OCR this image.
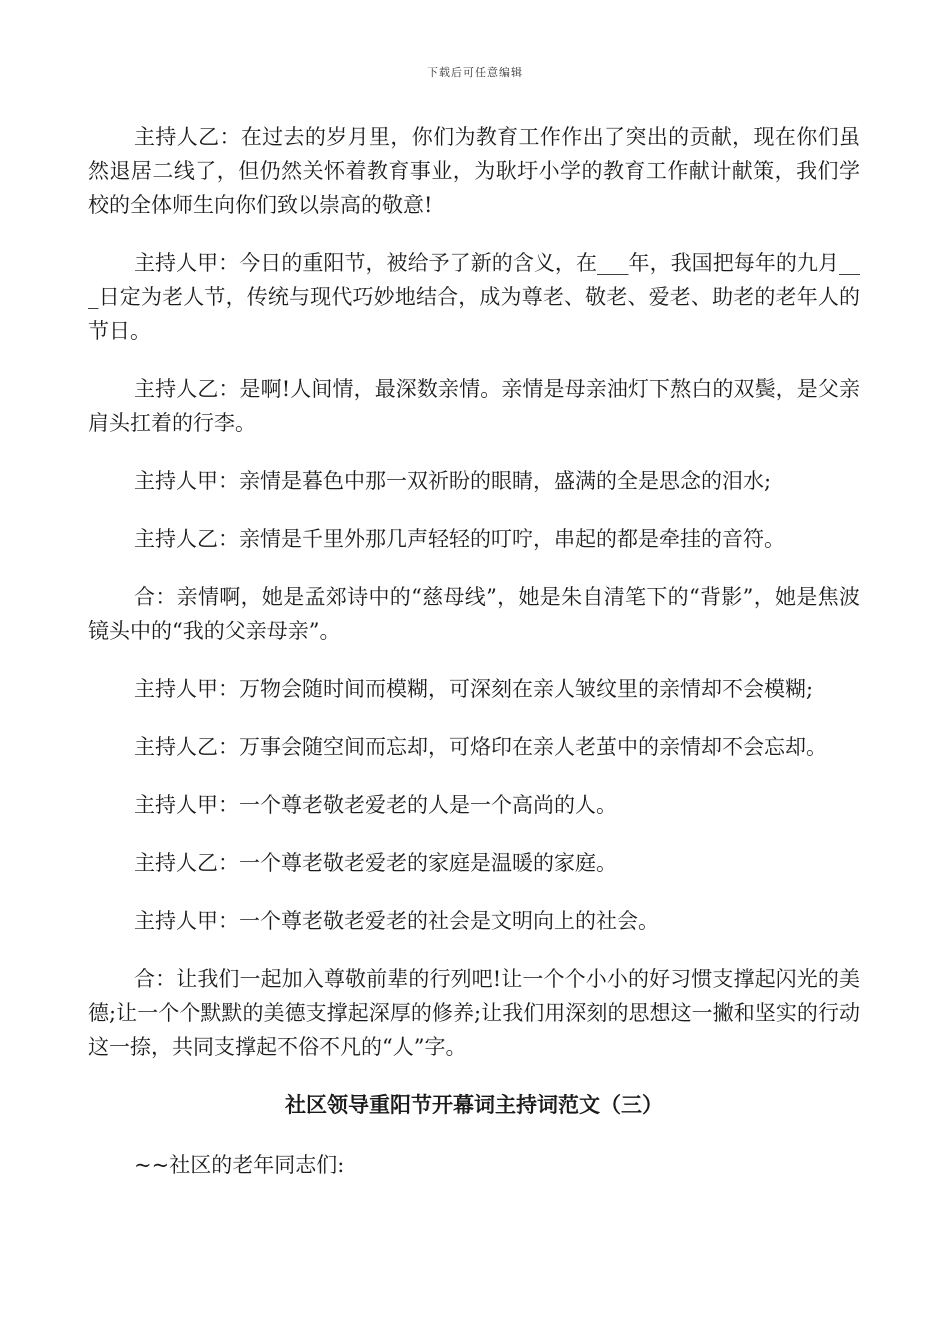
下载后可任意编辑

主持人乙：在过去的岁月里，你们为教育工作作出了突出的贡献，现在你们虽然退居二线了，但仍然关怀着教育事业，为耿圩小学的教育工作献计献策，我们学校的全体师生向你们致以崇高的敬意!

主持人甲：今日的重阳节，被给予了新的含义，在___年，我国把每年的九月___日定为老人节，传统与现代巧妙地结合，成为尊老、敬老、爱老、助老的老年人的节日。

主持人乙：是啊!人间情，最深数亲情。亲情是母亲油灯下熬白的双鬓，是父亲肩头扛着的行李。

主持人甲：亲情是暮色中那一双祈盼的眼睛，盛满的全是思念的泪水;

主持人乙：亲情是千里外那几声轻轻的叮咛，串起的都是牵挂的音符。

合：亲情啊，她是孟郊诗中的“慈母线”，她是朱自清笔下的“背影”，她是焦波镜头中的“我的父亲母亲”。

主持人甲：万物会随时间而模糊，可深刻在亲人皱纹里的亲情却不会模糊;

主持人乙：万事会随空间而忘却，可烙印在亲人老茧中的亲情却不会忘却。

主持人甲：一个尊老敬老爱老的人是一个高尚的人。

主持人乙：一个尊老敬老爱老的家庭是温暖的家庭。

主持人甲：一个尊老敬老爱老的社会是文明向上的社会。

合：让我们一起加入尊敬前辈的行列吧!让一个个小小的好习惯支撑起闪光的美德;让一个个默默的美德支撑起深厚的修养;让我们用深刻的思想这一撇和坚实的行动这一捺，共同支撑起不俗不凡的“人”字。

社区领导重阳节开幕词主持词范文（三）

~~社区的老年同志们:
